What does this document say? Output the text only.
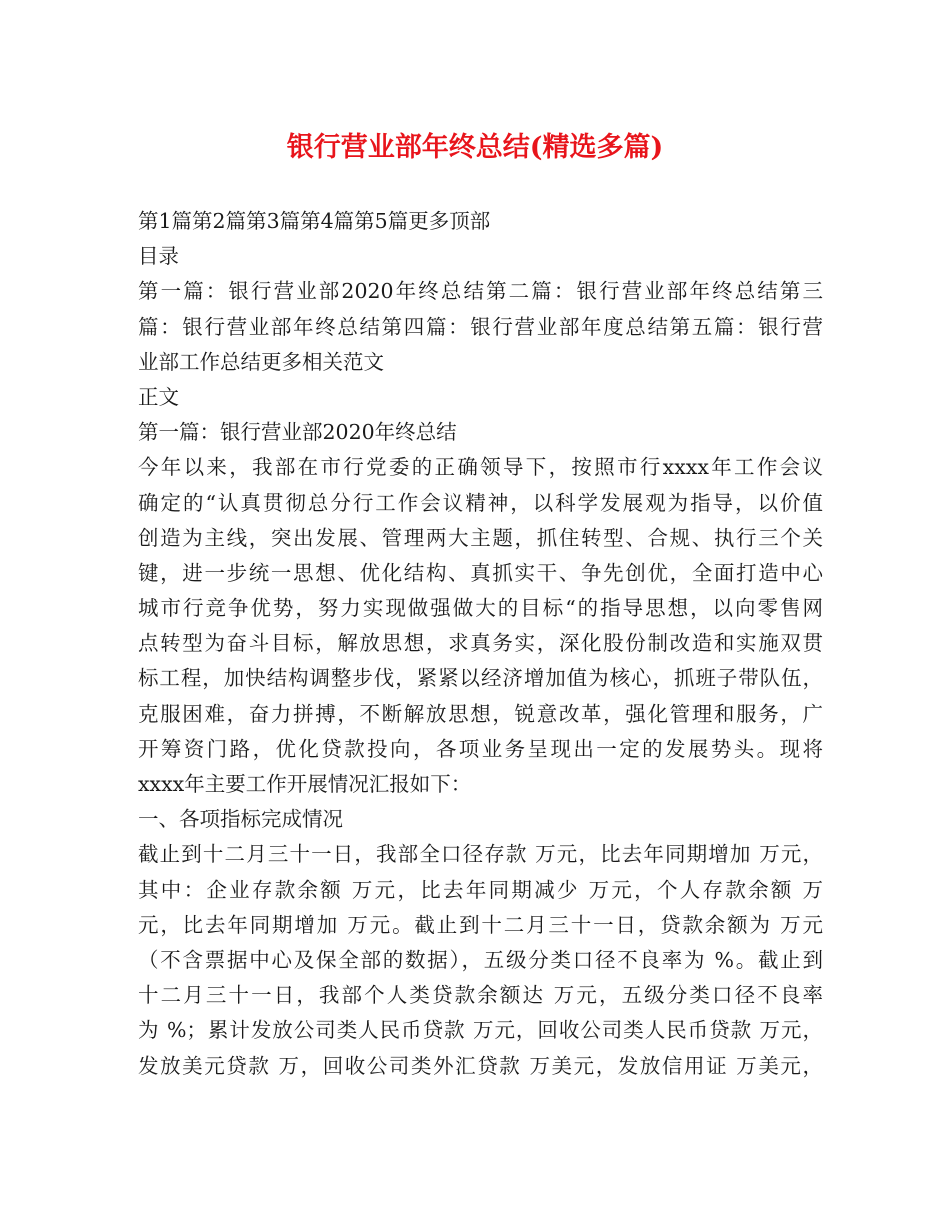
银行营业部年终总结(精选多篇)
第1篇第2篇第3篇第4篇第5篇更多顶部
目录
第一篇：银行营业部2020年终总结第二篇：银行营业部年终总结第三
篇：银行营业部年终总结第四篇：银行营业部年度总结第五篇：银行营
业部工作总结更多相关范文
正文
第一篇：银行营业部2020年终总结
今年以来，我部在市行党委的正确领导下，按照市行xxxx年工作会议
确定的“认真贯彻总分行工作会议精神，以科学发展观为指导，以价值
创造为主线，突出发展、管理两大主题，抓住转型、合规、执行三个关
键，进一步统一思想、优化结构、真抓实干、争先创优，全面打造中心
城市行竞争优势，努力实现做强做大的目标“的指导思想，以向零售网
点转型为奋斗目标，解放思想，求真务实，深化股份制改造和实施双贯
标工程，加快结构调整步伐，紧紧以经济增加值为核心，抓班子带队伍，
克服困难，奋力拼搏，不断解放思想，锐意改革，强化管理和服务，广
开筹资门路，优化贷款投向，各项业务呈现出一定的发展势头。现将
xxxx年主要工作开展情况汇报如下：
一、各项指标完成情况
截止到十二月三十一日，我部全口径存款 万元，比去年同期增加 万元，
其中：企业存款余额 万元，比去年同期减少 万元，个人存款余额 万
元，比去年同期增加 万元。截止到十二月三十一日，贷款余额为 万元
（不含票据中心及保全部的数据），五级分类口径不良率为 %。截止到
十二月三十一日，我部个人类贷款余额达 万元，五级分类口径不良率
为 %；累计发放公司类人民币贷款 万元，回收公司类人民币贷款 万元，
发放美元贷款 万，回收公司类外汇贷款 万美元，发放信用证 万美元，
